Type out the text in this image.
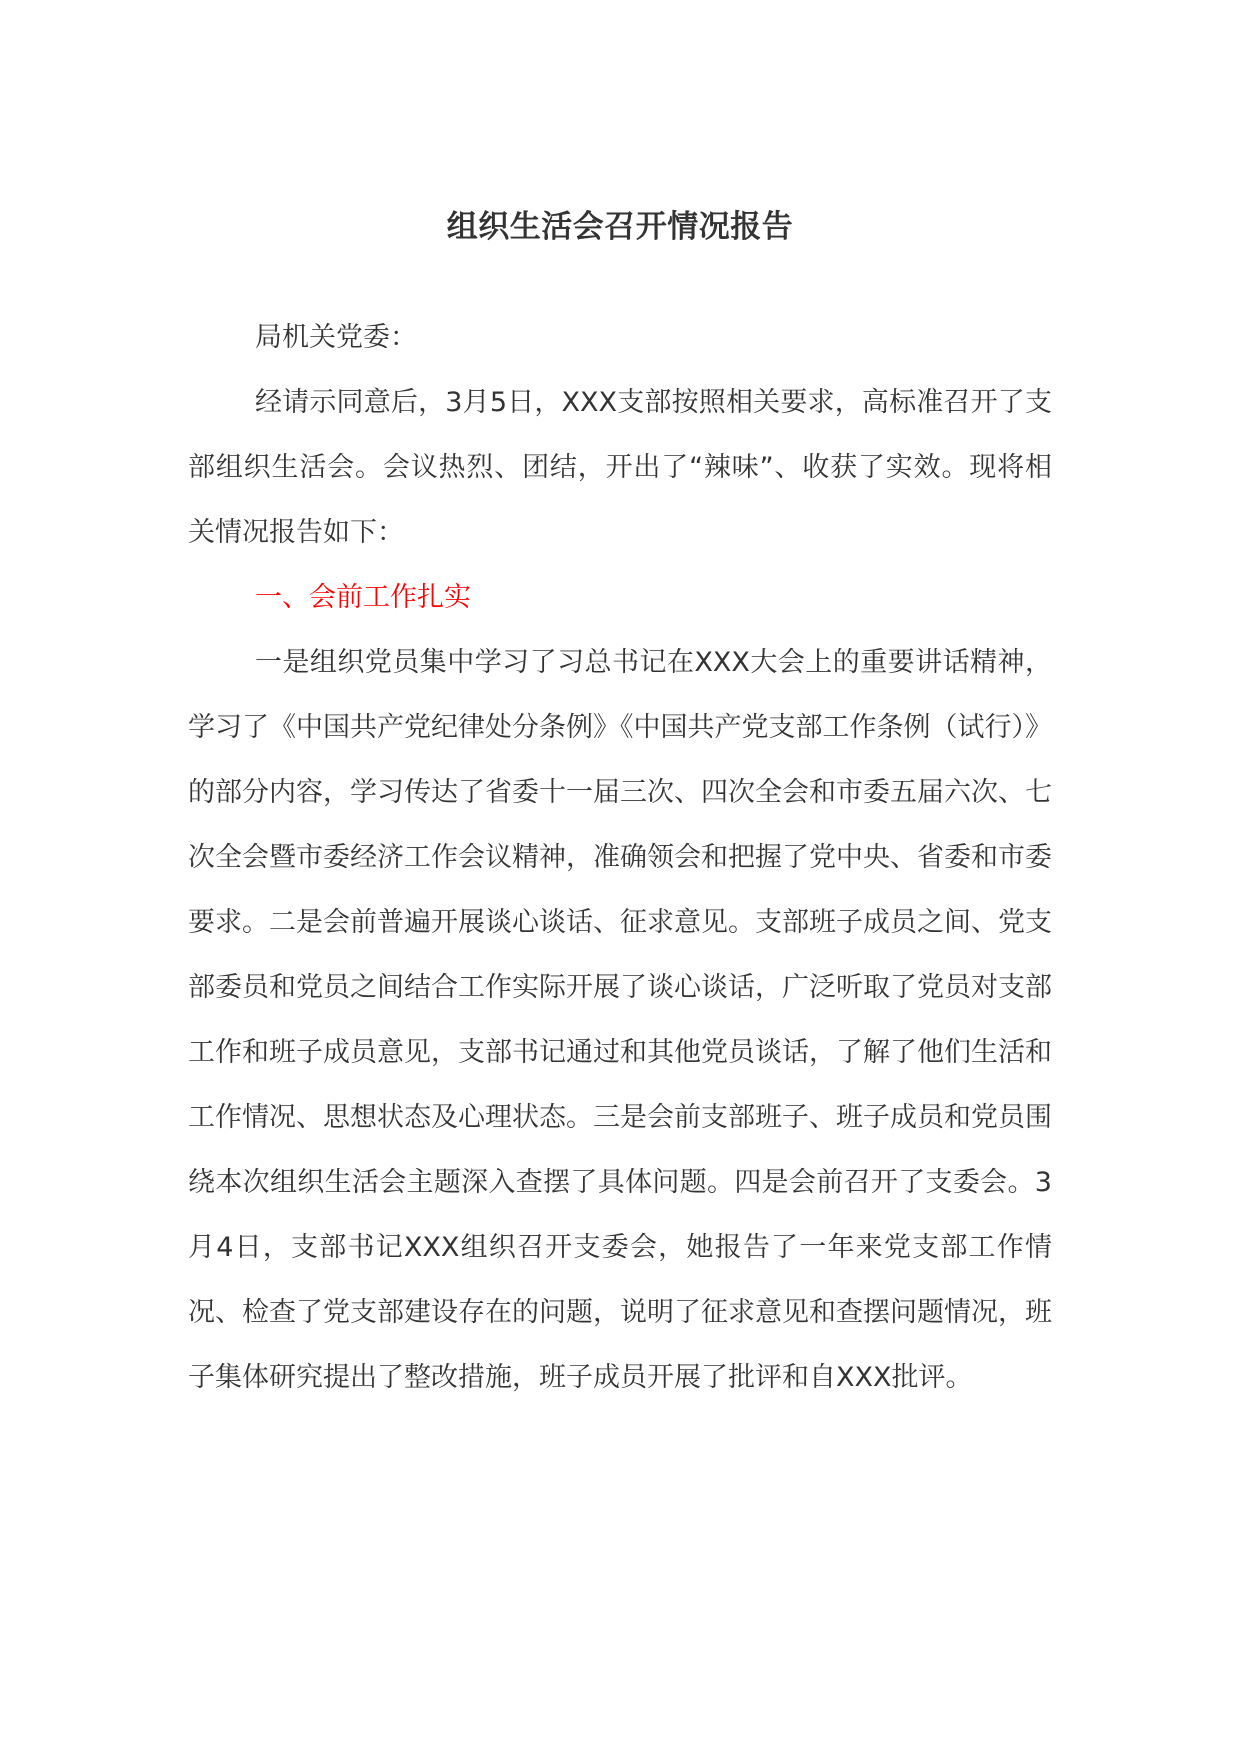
组织生活会召开情况报告

局机关党委：

经请示同意后，3月5日，XXX支部按照相关要求，高标准召开了支部组织生活会。会议热烈、团结，开出了“辣味”、收获了实效。现将相关情况报告如下：

一、会前工作扎实

一是组织党员集中学习了习总书记在XXX大会上的重要讲话精神，学习了《中国共产党纪律处分条例》《中国共产党支部工作条例（试行）》的部分内容，学习传达了省委十一届三次、四次全会和市委五届六次、七次全会暨市委经济工作会议精神，准确领会和把握了党中央、省委和市委要求。二是会前普遍开展谈心谈话、征求意见。支部班子成员之间、党支部委员和党员之间结合工作实际开展了谈心谈话，广泛听取了党员对支部工作和班子成员意见，支部书记通过和其他党员谈话，了解了他们生活和工作情况、思想状态及心理状态。三是会前支部班子、班子成员和党员围绕本次组织生活会主题深入查摆了具体问题。四是会前召开了支委会。3月4日，支部书记XXX组织召开支委会，她报告了一年来党支部工作情况、检查了党支部建设存在的问题，说明了征求意见和查摆问题情况，班子集体研究提出了整改措施，班子成员开展了批评和自XXX批评。
